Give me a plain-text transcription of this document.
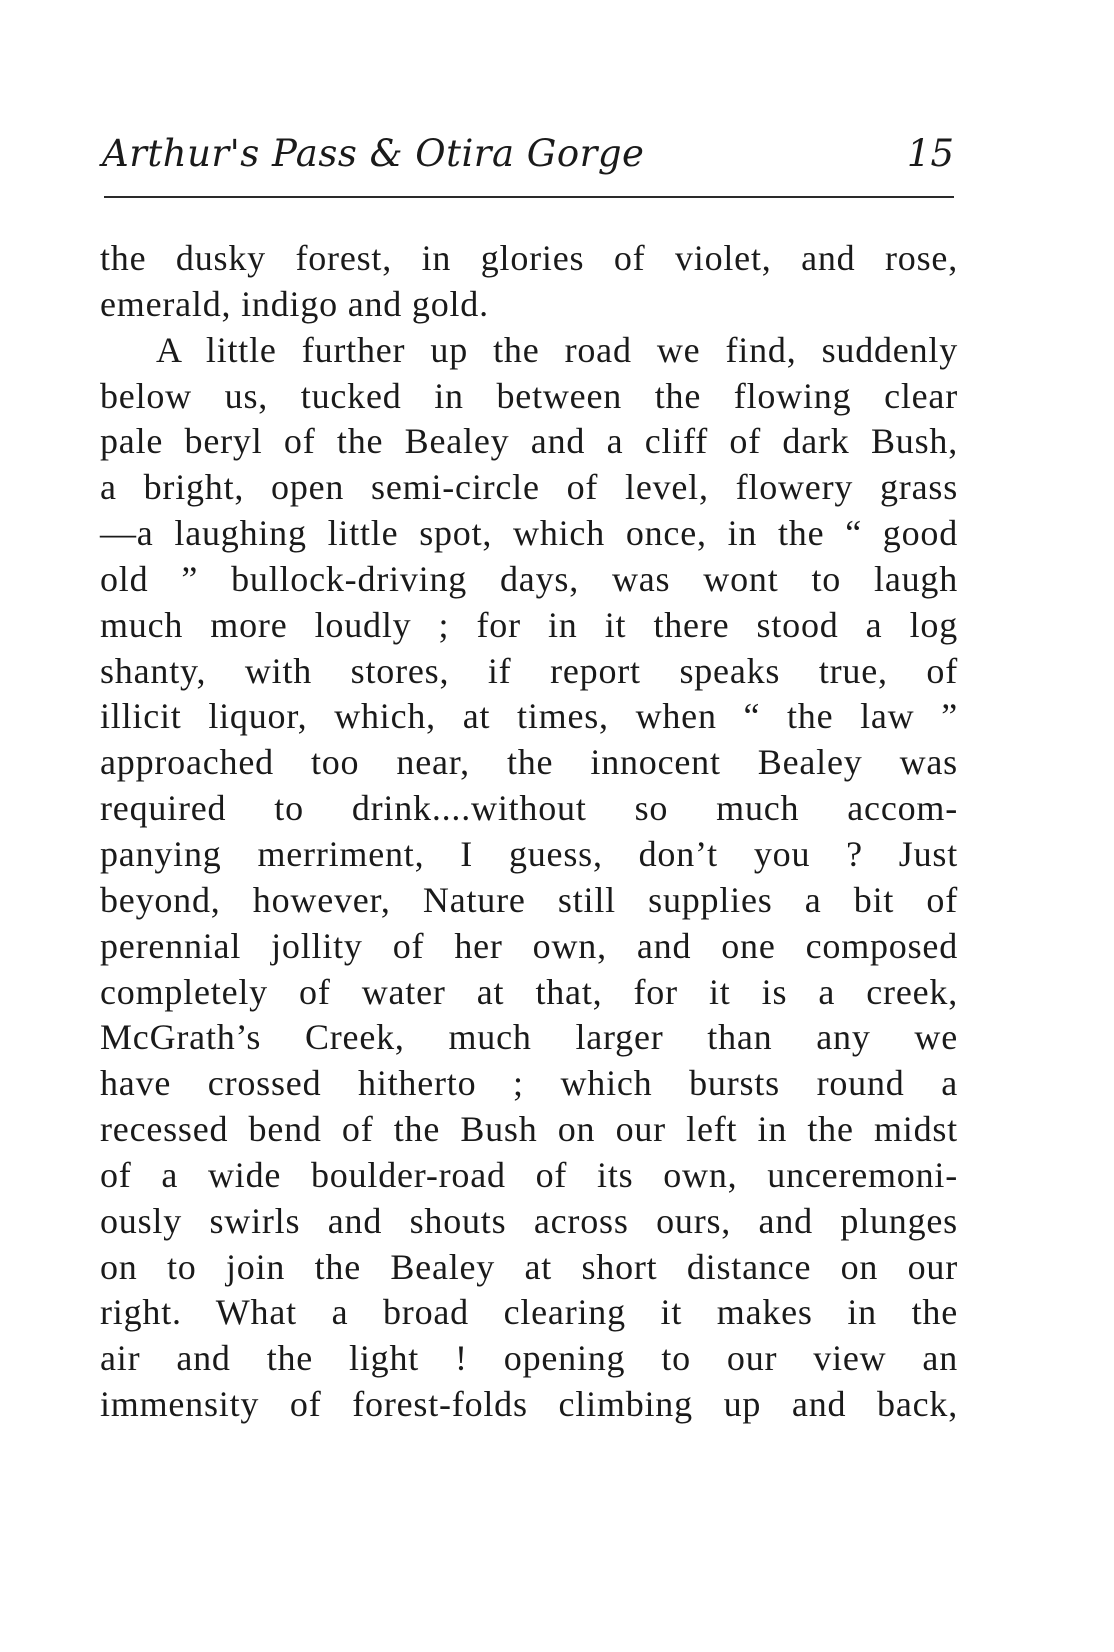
Arthur's Pass & Otira Gorge	15
the dusky forest, in glories of violet, and rose,
emerald, indigo and gold.
A little further up the road we find, suddenly
below us, tucked in between the flowing clear
pale beryl of the Bealey and a cliff of dark Bush,
a bright, open semi-circle of level, flowery grass
—a laughing little spot, which once, in the “ good
old ” bullock-driving days, was wont to laugh
much more loudly ; for in it there stood a log
shanty, with stores, if report speaks true, of
illicit liquor, which, at times, when “ the law ”
approached too near, the innocent Bealey was
required to drink....without so much accom-
panying merriment, I guess, don’t you ? Just
beyond, however, Nature still supplies a bit of
perennial jollity of her own, and one composed
completely of water at that, for it is a creek,
McGrath’s Creek, much larger than any we
have crossed hitherto ; which bursts round a
recessed bend of the Bush on our left in the midst
of a wide boulder-road of its own, unceremoni-
ously swirls and shouts across ours, and plunges
on to join the Bealey at short distance on our
right. What a broad clearing it makes in the
air and the light ! opening to our view an
immensity of forest-folds climbing up and back,
